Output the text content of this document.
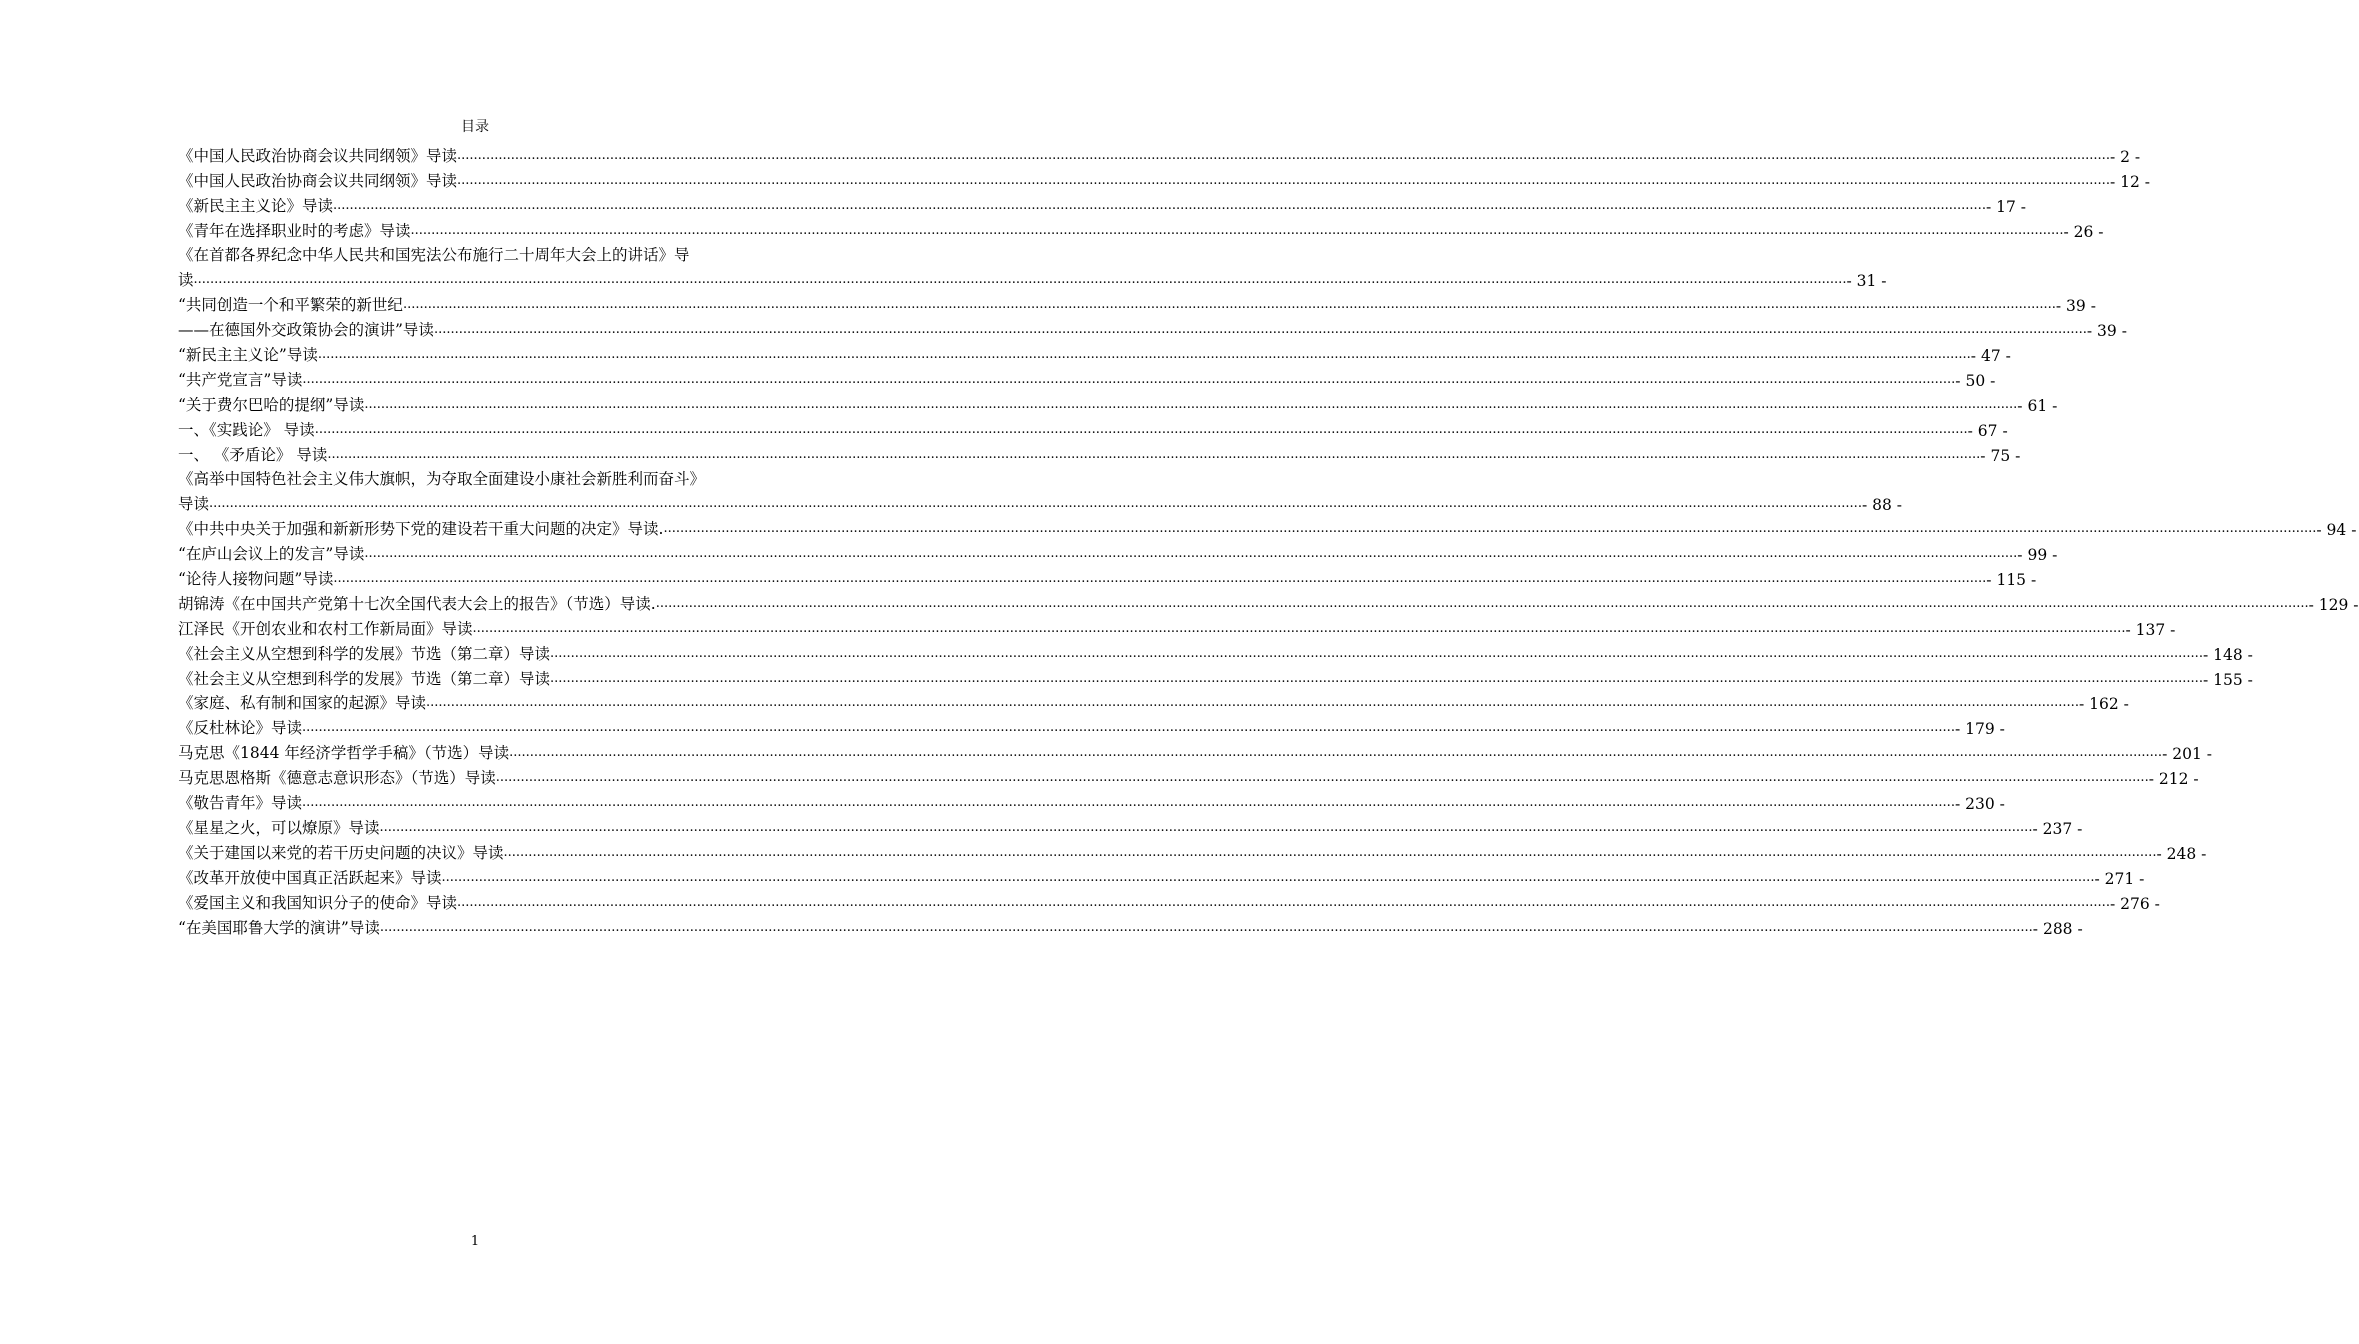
目录
《中国人民政治协商会议共同纲领》导读 ................................................................................................................................................................................................................................................................................................................................................................................................................ - 2 -
《中国人民政治协商会议共同纲领》导读 ................................................................................................................................................................................................................................................................................................................................................................................................................ - 12 -
《新民主主义论》导读 ................................................................................................................................................................................................................................................................................................................................................................................................................ - 17 -
《青年在选择职业时的考虑》导读 ................................................................................................................................................................................................................................................................................................................................................................................................................ - 26 -
《在首都各界纪念中华人民共和国宪法公布施行二十周年大会上的讲话》导
读 ................................................................................................................................................................................................................................................................................................................................................................................................................ - 31 -
“共同创造一个和平繁荣的新世纪 ................................................................................................................................................................................................................................................................................................................................................................................................................ - 39 -
——在德国外交政策协会的演讲”导读 ................................................................................................................................................................................................................................................................................................................................................................................................................ - 39 -
“新民主主义论”导读 ................................................................................................................................................................................................................................................................................................................................................................................................................ - 47 -
“共产党宣言”导读 ................................................................................................................................................................................................................................................................................................................................................................................................................ - 50 -
“关于费尔巴哈的提纲”导读 ................................................................................................................................................................................................................................................................................................................................................................................................................ - 61 -
一、《实践论》 导读 ................................................................................................................................................................................................................................................................................................................................................................................................................ - 67 -
一、 《矛盾论》 导读 ................................................................................................................................................................................................................................................................................................................................................................................................................ - 75 -
《高举中国特色社会主义伟大旗帜，为夺取全面建设小康社会新胜利而奋斗》
导读 ................................................................................................................................................................................................................................................................................................................................................................................................................ - 88 -
《中共中央关于加强和新新形势下党的建设若干重大问题的决定》导读. ................................................................................................................................................................................................................................................................................................................................................................................................................ - 94 -
“在庐山会议上的发言”导读 ................................................................................................................................................................................................................................................................................................................................................................................................................ - 99 -
“论待人接物问题”导读 ................................................................................................................................................................................................................................................................................................................................................................................................................ - 115 -
胡锦涛《在中国共产党第十七次全国代表大会上的报告》（节选）导读. ................................................................................................................................................................................................................................................................................................................................................................................................................ - 129 -
江泽民《开创农业和农村工作新局面》导读 ................................................................................................................................................................................................................................................................................................................................................................................................................ - 137 -
《社会主义从空想到科学的发展》节选（第二章）导读 ................................................................................................................................................................................................................................................................................................................................................................................................................ - 148 -
《社会主义从空想到科学的发展》节选（第二章）导读 ................................................................................................................................................................................................................................................................................................................................................................................................................ - 155 -
《家庭、私有制和国家的起源》导读 ................................................................................................................................................................................................................................................................................................................................................................................................................ - 162 -
《反杜林论》导读 ................................................................................................................................................................................................................................................................................................................................................................................................................ - 179 -
马克思《1844 年经济学哲学手稿》（节选）导读 ................................................................................................................................................................................................................................................................................................................................................................................................................ - 201 -
马克思恩格斯《德意志意识形态》（节选）导读 ................................................................................................................................................................................................................................................................................................................................................................................................................ - 212 -
《敬告青年》导读 ................................................................................................................................................................................................................................................................................................................................................................................................................ - 230 -
《星星之火，可以燎原》导读 ................................................................................................................................................................................................................................................................................................................................................................................................................ - 237 -
《关于建国以来党的若干历史问题的决议》导读 ................................................................................................................................................................................................................................................................................................................................................................................................................ - 248 -
《改革开放使中国真正活跃起来》导读 ................................................................................................................................................................................................................................................................................................................................................................................................................ - 271 -
《爱国主义和我国知识分子的使命》导读 ................................................................................................................................................................................................................................................................................................................................................................................................................ - 276 -
“在美国耶鲁大学的演讲”导读 ................................................................................................................................................................................................................................................................................................................................................................................................................ - 288 -
1
